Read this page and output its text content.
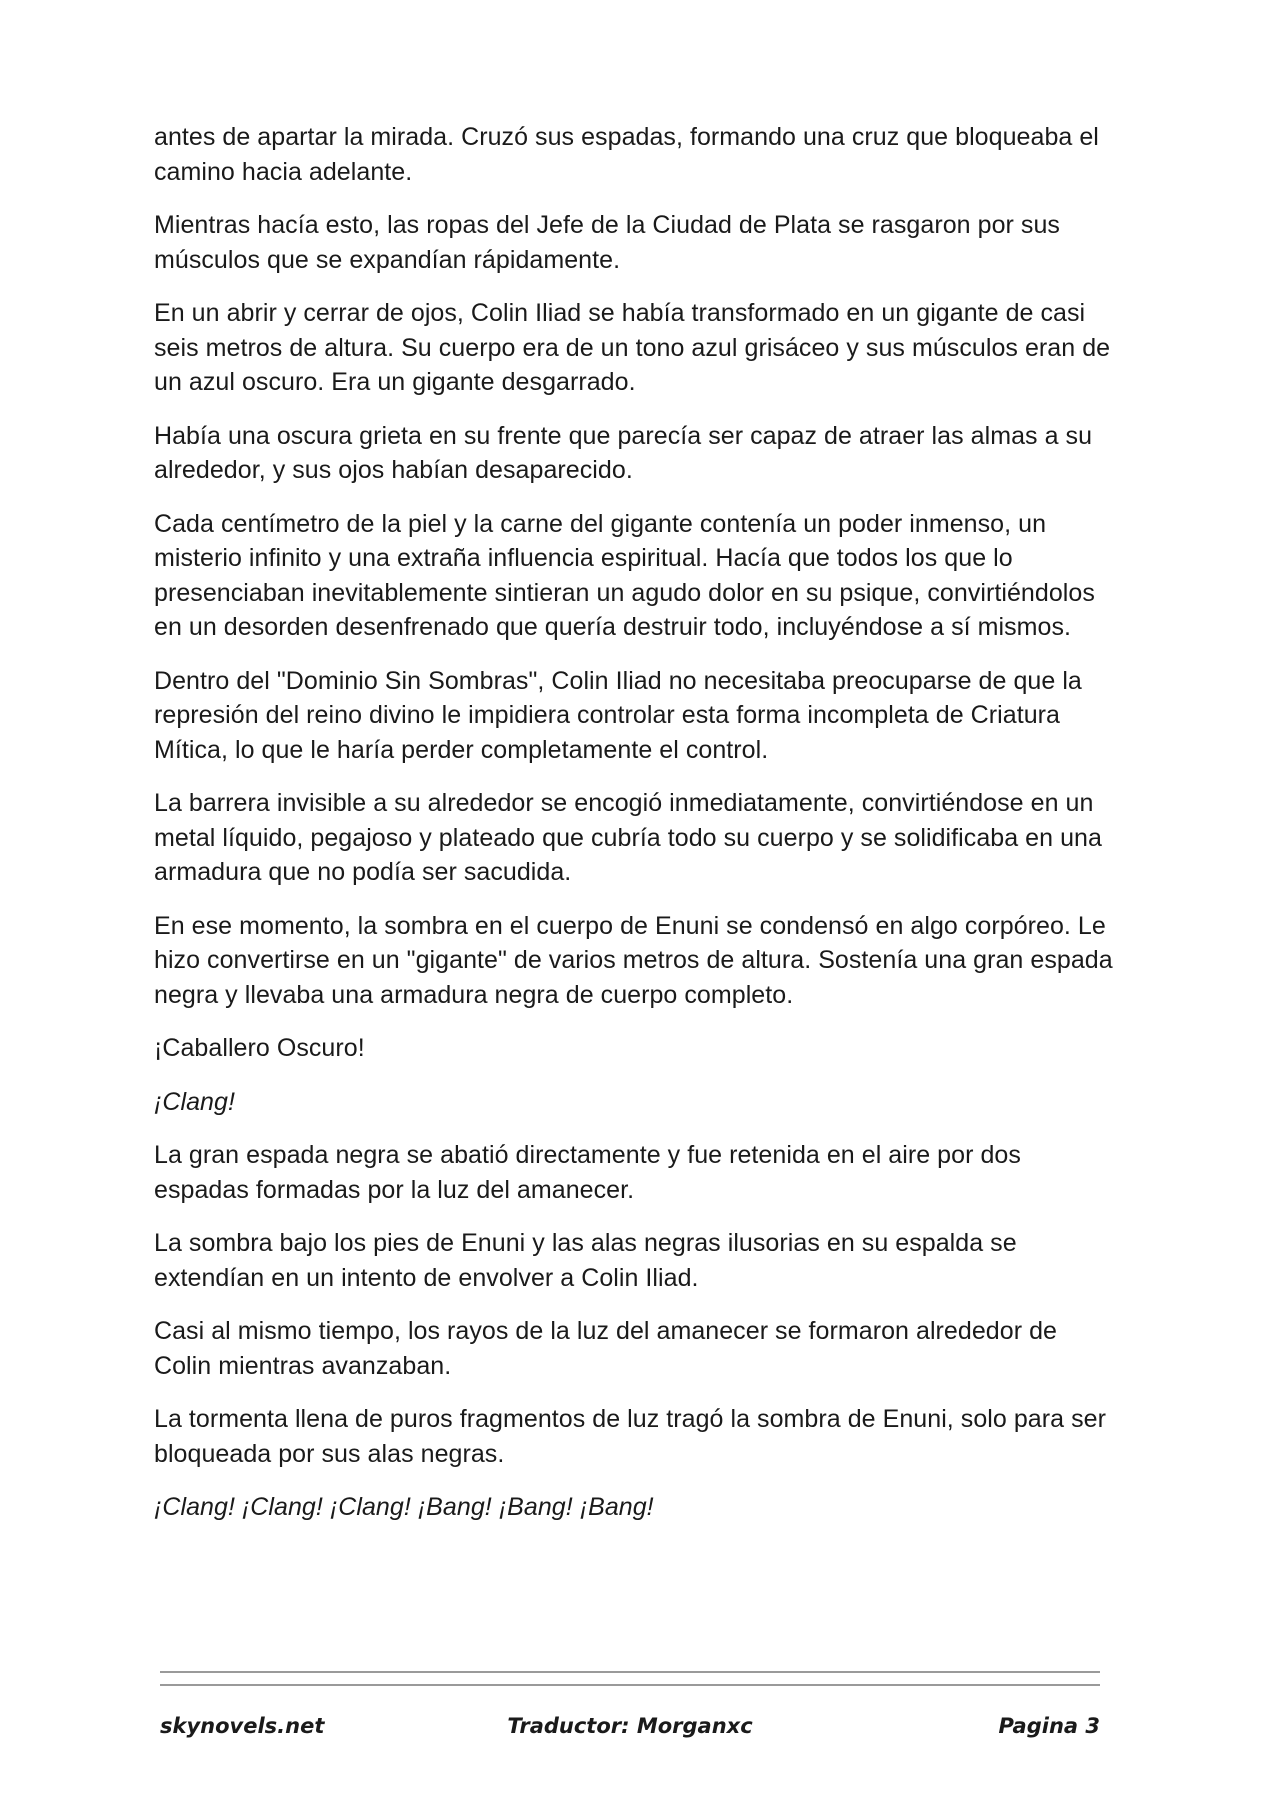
antes de apartar la mirada. Cruzó sus espadas, formando una cruz que bloqueaba el camino hacia adelante.

Mientras hacía esto, las ropas del Jefe de la Ciudad de Plata se rasgaron por sus músculos que se expandían rápidamente.

En un abrir y cerrar de ojos, Colin Iliad se había transformado en un gigante de casi seis metros de altura. Su cuerpo era de un tono azul grisáceo y sus músculos eran de un azul oscuro. Era un gigante desgarrado.

Había una oscura grieta en su frente que parecía ser capaz de atraer las almas a su alrededor, y sus ojos habían desaparecido.

Cada centímetro de la piel y la carne del gigante contenía un poder inmenso, un misterio infinito y una extraña influencia espiritual. Hacía que todos los que lo presenciaban inevitablemente sintieran un agudo dolor en su psique, convirtiéndolos en un desorden desenfrenado que quería destruir todo, incluyéndose a sí mismos.

Dentro del "Dominio Sin Sombras", Colin Iliad no necesitaba preocuparse de que la represión del reino divino le impidiera controlar esta forma incompleta de Criatura Mítica, lo que le haría perder completamente el control.

La barrera invisible a su alrededor se encogió inmediatamente, convirtiéndose en un metal líquido, pegajoso y plateado que cubría todo su cuerpo y se solidificaba en una armadura que no podía ser sacudida.

En ese momento, la sombra en el cuerpo de Enuni se condensó en algo corpóreo. Le hizo convertirse en un "gigante" de varios metros de altura. Sostenía una gran espada negra y llevaba una armadura negra de cuerpo completo.

¡Caballero Oscuro!

¡Clang!

La gran espada negra se abatió directamente y fue retenida en el aire por dos espadas formadas por la luz del amanecer.

La sombra bajo los pies de Enuni y las alas negras ilusorias en su espalda se extendían en un intento de envolver a Colin Iliad.

Casi al mismo tiempo, los rayos de la luz del amanecer se formaron alrededor de Colin mientras avanzaban.

La tormenta llena de puros fragmentos de luz tragó la sombra de Enuni, solo para ser bloqueada por sus alas negras.

¡Clang! ¡Clang! ¡Clang! ¡Bang! ¡Bang! ¡Bang!

skynovels.net	Traductor: Morganxc	Pagina 3
